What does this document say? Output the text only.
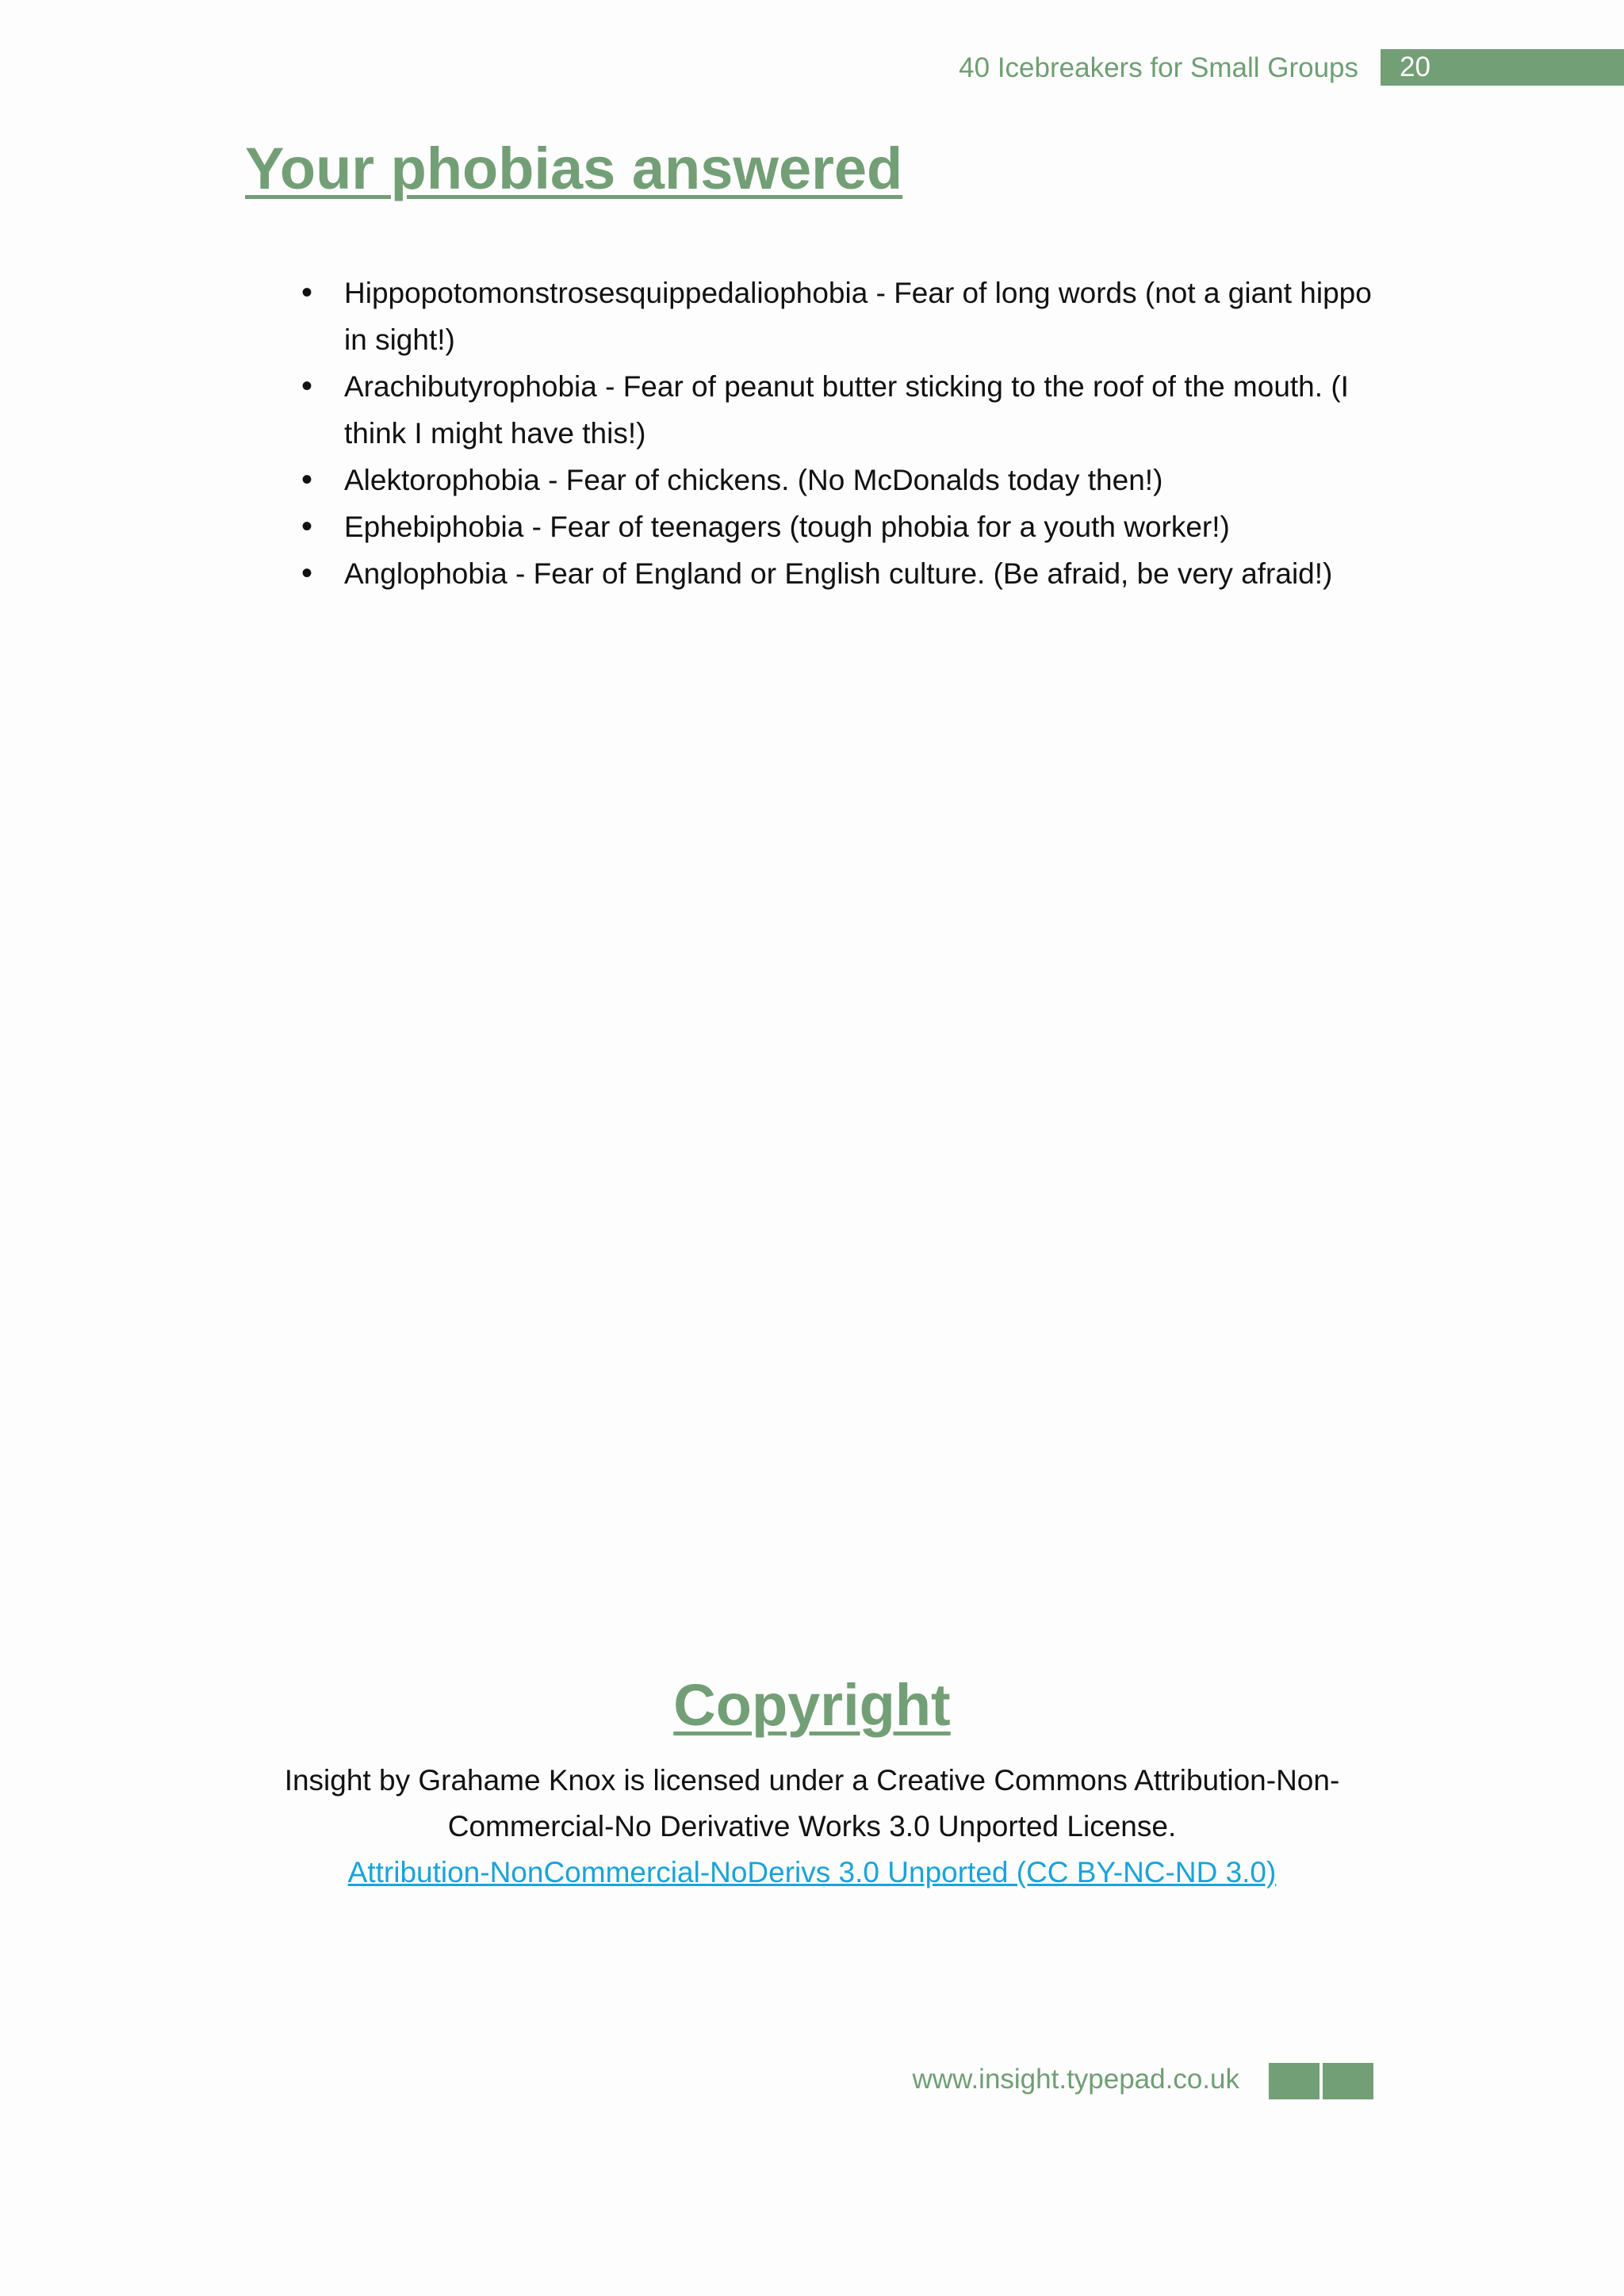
40 Icebreakers for Small Groups	20
Your phobias answered
• Hippopotomonstrosesquippedaliophobia - Fear of long words (not a giant hippo in sight!)
• Arachibutyrophobia - Fear of peanut butter sticking to the roof of the mouth. (I think I might have this!)
• Alektorophobia - Fear of chickens. (No McDonalds today then!)
• Ephebiphobia - Fear of teenagers (tough phobia for a youth worker!)
• Anglophobia - Fear of England or English culture. (Be afraid, be very afraid!)
Copyright

Insight by Grahame Knox is licensed under a Creative Commons Attribution-Non-Commercial-No Derivative Works 3.0 Unported License.

Attribution-NonCommercial-NoDerivs 3.0 Unported (CC BY-NC-ND 3.0)
www.insight.typepad.co.uk
